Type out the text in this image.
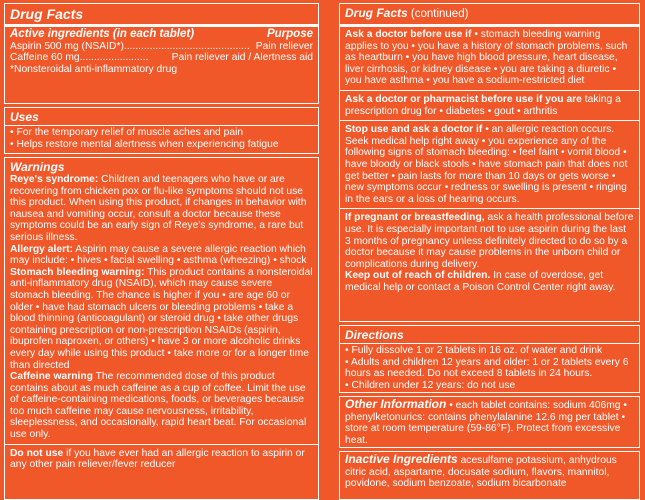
Drug Facts
Active ingredients (in each tablet)	Purpose
Aspirin 500 mg (NSAID*)............................................ Pain reliever
Caffeine 60 mg........................ Pain reliever aid / Alertness aid
*Nonsteroidal anti-inflammatory drug
Uses
• For the temporary relief of muscle aches and pain
• Helps restore mental alertness when experiencing fatigue
Warnings

Reye's syndrome: Children and teenagers who have or are recovering from chicken pox or flu-like symptoms should not use this product. When using this product, if changes in behavior with nausea and vomiting occur, consult a doctor because these symptoms could be an early sign of Reye's syndrome, a rare but serious illness.

Allergy alert: Aspirin may cause a severe allergic reaction which may include: • hives • facial swelling • asthma (wheezing) • shock

Stomach bleeding warning: This product contains a nonsteroidal anti-inflammatory drug (NSAID), which may cause severe stomach bleeding. The chance is higher if you • are age 60 or older • have had stomach ulcers or bleeding problems • take a blood thinning (anticoagulant) or steroid drug • take other drugs containing prescription or non-prescription NSAIDs (aspirin, ibuprofen naproxen, or others) • have 3 or more alcoholic drinks every day while using this product • take more or for a longer time than directed

Caffeine warning The recommended dose of this product contains about as much caffeine as a cup of coffee. Limit the use of caffeine-containing medications, foods, or beverages because too much caffeine may cause nervousness, irritability, sleeplessness, and occasionally, rapid heart beat. For occasional use only.

Do not use if you have ever had an allergic reaction to aspirin or any other pain reliever/fever reducer

Drug Facts (continued)

Ask a doctor before use if • stomach bleeding warning applies to you • you have a history of stomach problems, such as heartburn • you have high blood pressure, heart disease, liver cirrhosis, or kidney disease • you are taking a diuretic • you have asthma • you have a sodium-restricted diet

Ask a doctor or pharmacist before use if you are taking a prescription drug for • diabetes • gout • arthritis

Stop use and ask a doctor if • an allergic reaction occurs. Seek medical help right away • you experience any of the following signs of stomach bleeding: • feel faint • vomit blood • have bloody or black stools • have stomach pain that does not get better • pain lasts for more than 10 days or gets worse • new symptoms occur • redness or swelling is present • ringing in the ears or a loss of hearing occurs.

If pregnant or breastfeeding, ask a health professional before use. It is especially important not to use aspirin during the last 3 months of pregnancy unless definitely directed to do so by a doctor because it may cause problems in the unborn child or complications during delivery.

Keep out of reach of children. In case of overdose, get medical help or contact a Poison Control Center right away.

Directions
• Fully dissolve 1 or 2 tablets in 16 oz. of water and drink
• Adults and children 12 years and older: 1 or 2 tablets every 6 hours as needed. Do not exceed 8 tablets in 24 hours.
• Children under 12 years: do not use

Other Information • each tablet contains: sodium 406mg • phenylketonurics: contains phenylalanine 12.6 mg per tablet • store at room temperature (59-86°F). Protect from excessive heat.

Inactive Ingredients acesulfame potassium, anhydrous citric acid, aspartame, docusate sodium, flavors, mannitol, povidone, sodium benzoate, sodium bicarbonate
